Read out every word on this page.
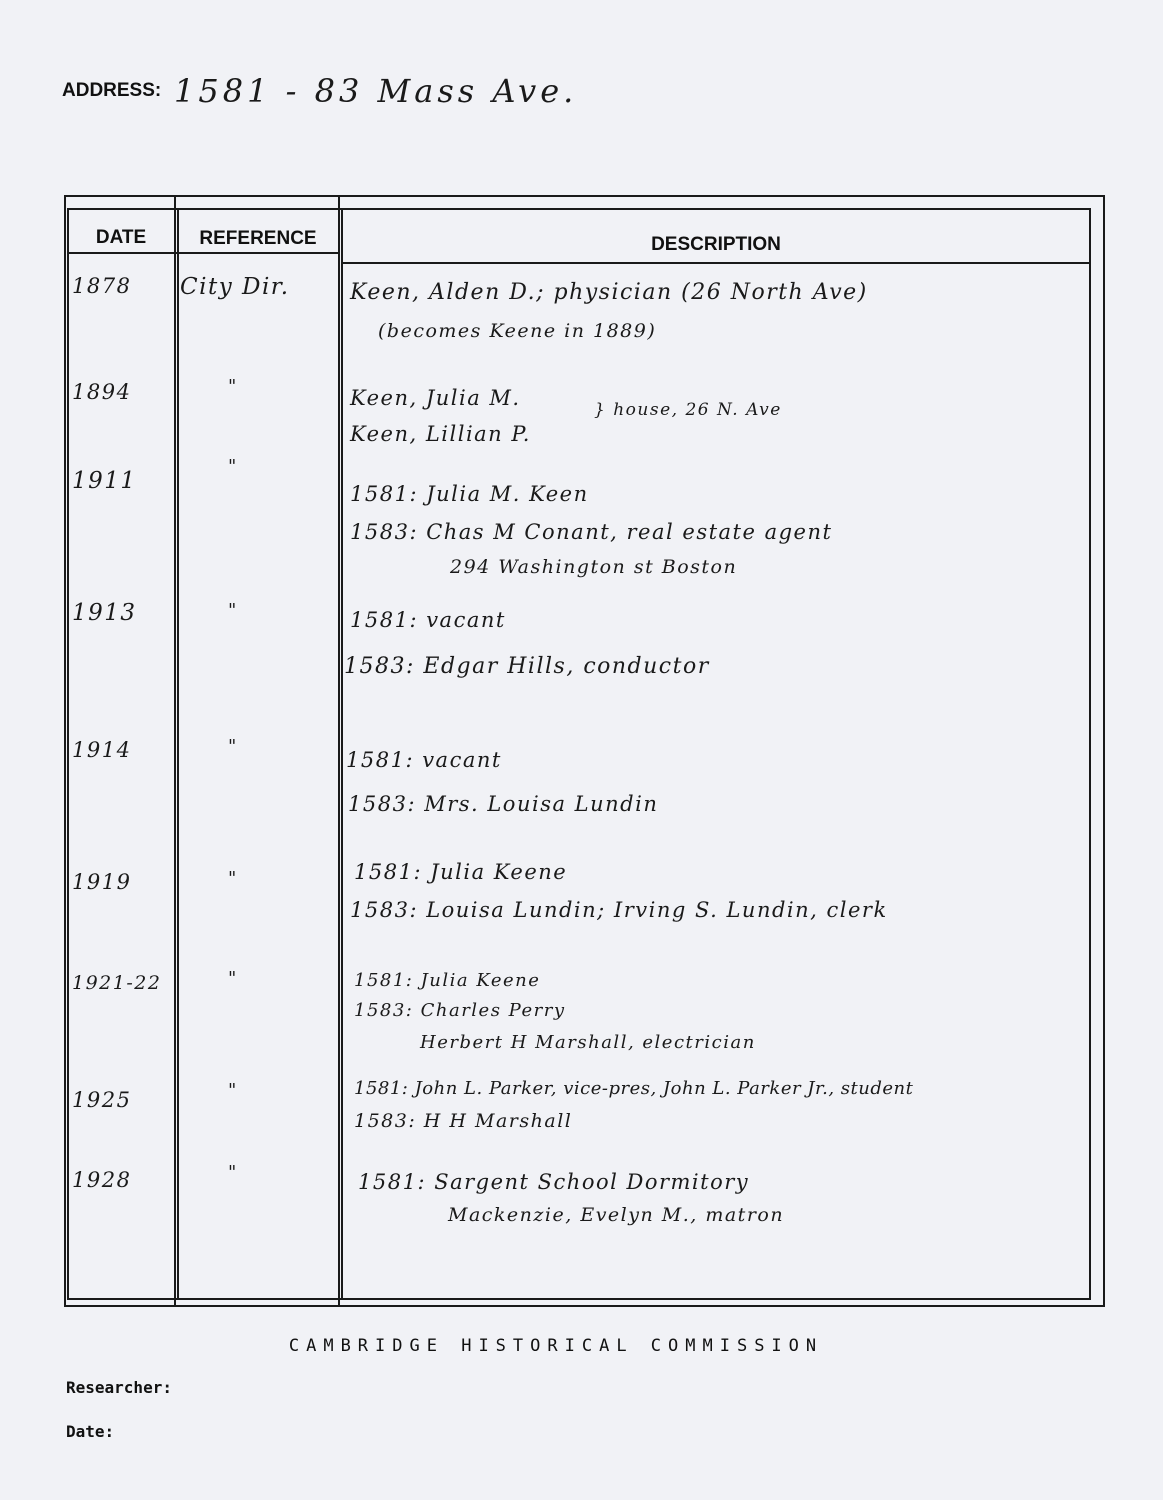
ADDRESS: 1581 - 83 Mass Ave.
DATE	REFERENCE	DESCRIPTION
1878 City Dir.	Keen, Alden D.; physician (26 North Ave)
(becomes Keene in 1889)
1894	"	Keen, Julia M.
Keen, Lillian P.
} house, 26 N. Ave
1911
"
1581: Julia M. Keen
1583: Chas M Conant, real estate agent
294 Washington st Boston
1913	"	1581: vacant
1583: Edgar Hills, conductor
1914	"
1581: vacant
1583: Mrs. Louisa Lundin
1919	"	1581: Julia Keene
1583: Louisa Lundin; Irving S. Lundin, clerk
1921-22	"	1581: Julia Keene
1583: Charles Perry
Herbert H Marshall, electrician
1925	"	1581: John L. Parker, vice-pres, John L. Parker Jr., student
1583: H H Marshall
1928	"	1581: Sargent School Dormitory
Mackenzie, Evelyn M., matron
CAMBRIDGE HISTORICAL COMMISSION
Researcher:
Date:
